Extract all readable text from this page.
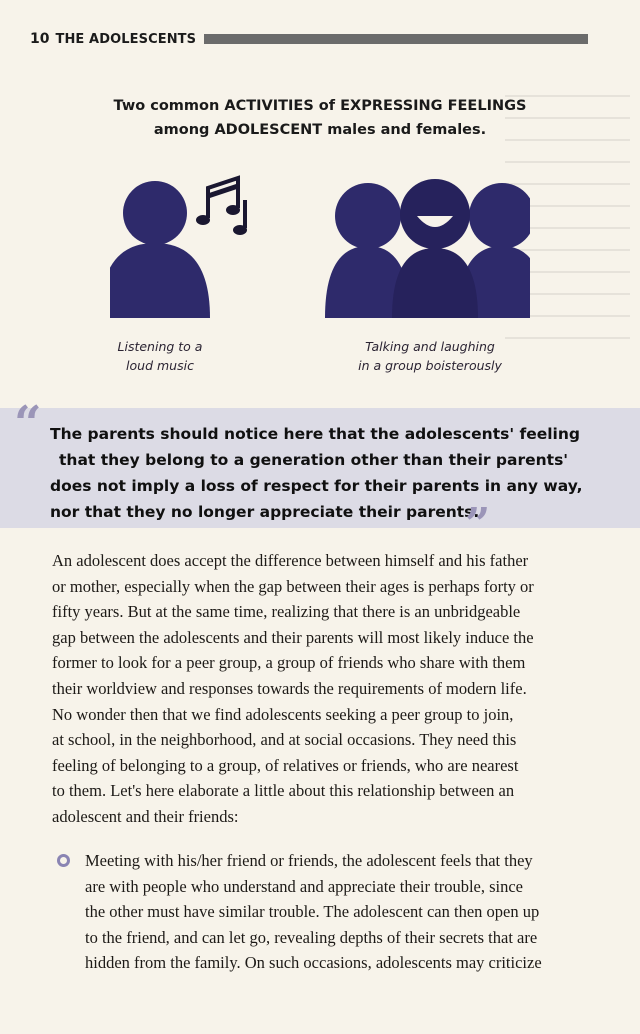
10 THE ADOLESCENTS
Two common ACTIVITIES of EXPRESSING FEELINGS
among ADOLESCENT males and females.
Listening to a
loud music
Talking and laughing
in a group boisterously
“ The parents should notice here that the adolescents' feeling
that they belong to a generation other than their parents'
does not imply a loss of respect for their parents in any way,
nor that they no longer appreciate their parents.
”
An adolescent does accept the difference between himself and his father
or mother, especially when the gap between their ages is perhaps forty or
fifty years. But at the same time, realizing that there is an unbridgeable
gap between the adolescents and their parents will most likely induce the
former to look for a peer group, a group of friends who share with them
their worldview and responses towards the requirements of modern life.
No wonder then that we find adolescents seeking a peer group to join,
at school, in the neighborhood, and at social occasions. They need this
feeling of belonging to a group, of relatives or friends, who are nearest
to them. Let's here elaborate a little about this relationship between an
adolescent and their friends:
Meeting with his/her friend or friends, the adolescent feels that they
are with people who understand and appreciate their trouble, since
the other must have similar trouble. The adolescent can then open up
to the friend, and can let go, revealing depths of their secrets that are
hidden from the family. On such occasions, adolescents may criticize
